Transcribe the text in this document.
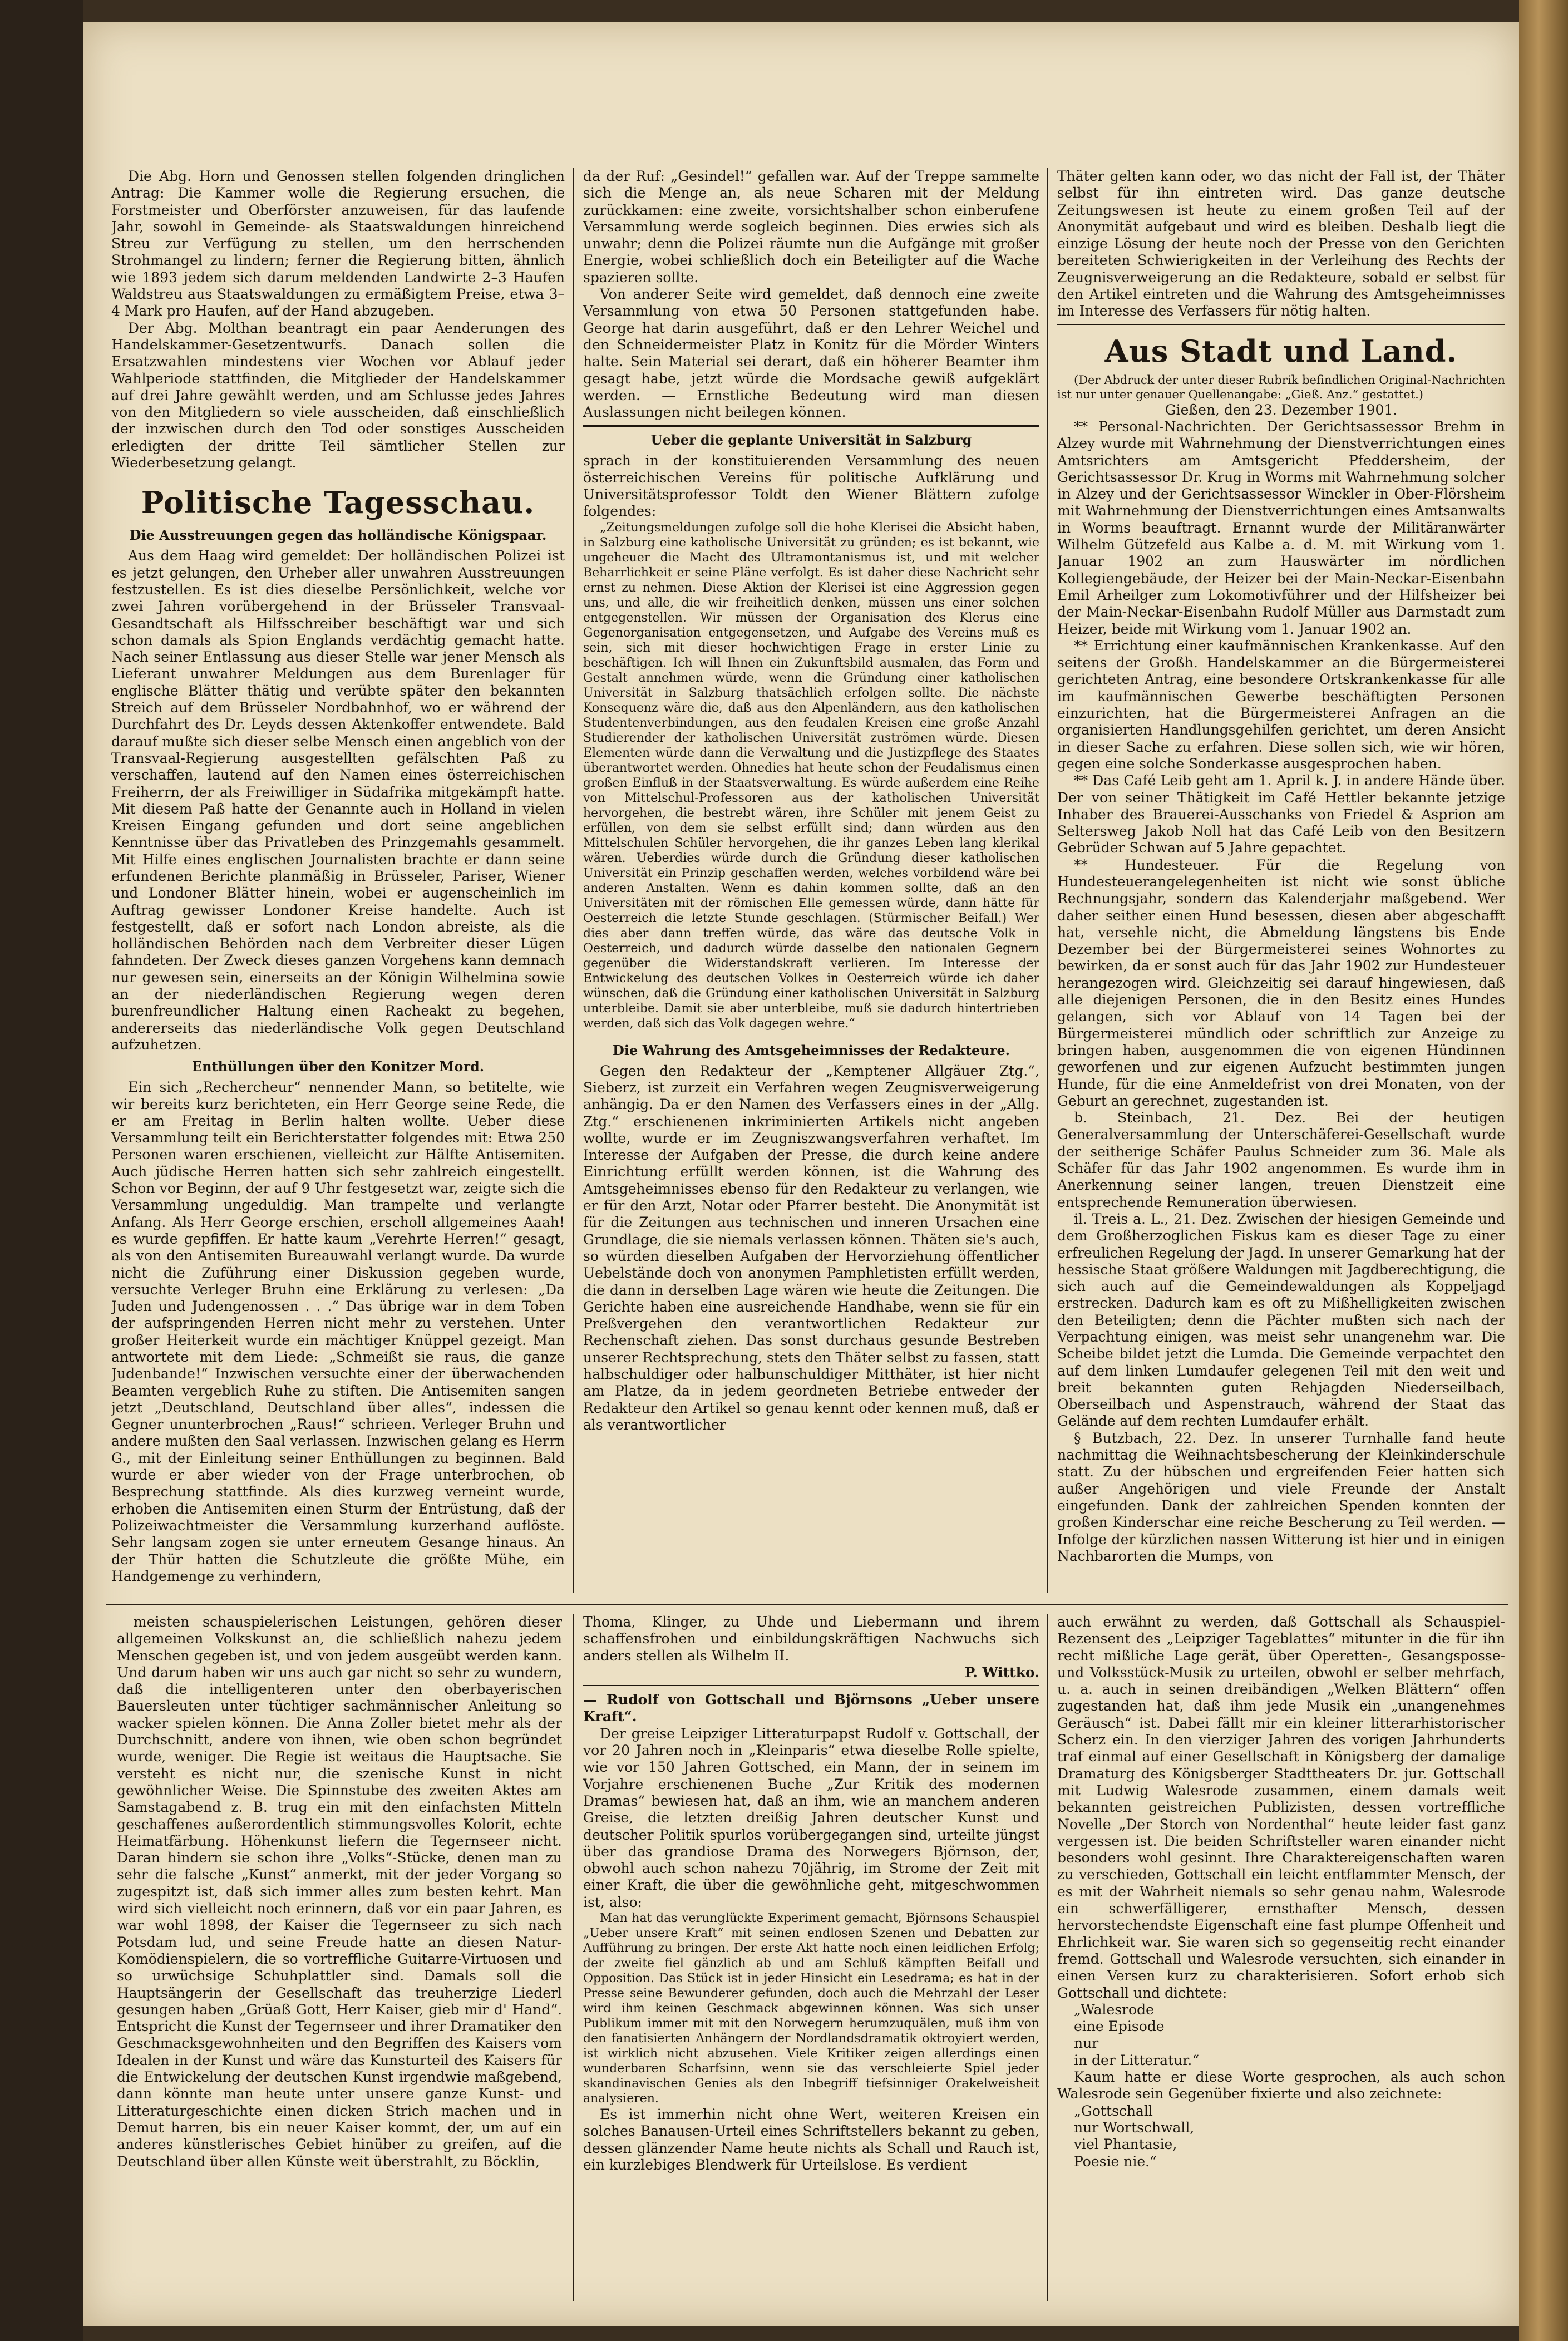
Die Abg. Horn und Genossen stellen folgenden dringlichen Antrag: Die Kammer wolle die Regierung ersuchen, die Forstmeister und Oberförster anzuweisen, für das laufende Jahr, sowohl in Gemeinde- als Staatswaldungen hinreichend Streu zur Verfügung zu stellen, um den herrschenden Strohmangel zu lindern; ferner die Regierung bitten, ähnlich wie 1893 jedem sich darum meldenden Landwirte 2–3 Haufen Waldstreu aus Staatswaldungen zu ermäßigtem Preise, etwa 3–4 Mark pro Haufen, auf der Hand abzugeben.

Der Abg. Molthan beantragt ein paar Aenderungen des Handelskammer-Gesetzentwurfs. Danach sollen die Ersatzwahlen mindestens vier Wochen vor Ablauf jeder Wahlperiode stattfinden, die Mitglieder der Handelskammer auf drei Jahre gewählt werden, und am Schlusse jedes Jahres von den Mitgliedern so viele ausscheiden, daß einschließlich der inzwischen durch den Tod oder sonstiges Ausscheiden erledigten der dritte Teil sämtlicher Stellen zur Wiederbesetzung gelangt.

Politische Tagesschau.
Die Ausstreuungen gegen das holländische Königspaar.

Aus dem Haag wird gemeldet: Der holländischen Polizei ist es jetzt gelungen, den Urheber aller unwahren Ausstreuungen festzustellen. Es ist dies dieselbe Persönlichkeit, welche vor zwei Jahren vorübergehend in der Brüsseler Transvaal-Gesandtschaft als Hilfsschreiber beschäftigt war und sich schon damals als Spion Englands verdächtig gemacht hatte. Nach seiner Entlassung aus dieser Stelle war jener Mensch als Lieferant unwahrer Meldungen aus dem Burenlager für englische Blätter thätig und verübte später den bekannten Streich auf dem Brüsseler Nordbahnhof, wo er während der Durchfahrt des Dr. Leyds dessen Aktenkoffer entwendete. Bald darauf mußte sich dieser selbe Mensch einen angeblich von der Transvaal-Regierung ausgestellten gefälschten Paß zu verschaffen, lautend auf den Namen eines österreichischen Freiherrn, der als Freiwilliger in Südafrika mitgekämpft hatte. Mit diesem Paß hatte der Genannte auch in Holland in vielen Kreisen Eingang gefunden und dort seine angeblichen Kenntnisse über das Privatleben des Prinzgemahls gesammelt. Mit Hilfe eines englischen Journalisten brachte er dann seine erfundenen Berichte planmäßig in Brüsseler, Pariser, Wiener und Londoner Blätter hinein, wobei er augenscheinlich im Auftrag gewisser Londoner Kreise handelte. Auch ist festgestellt, daß er sofort nach London abreiste, als die holländischen Behörden nach dem Verbreiter dieser Lügen fahndeten. Der Zweck dieses ganzen Vorgehens kann demnach nur gewesen sein, einerseits an der Königin Wilhelmina sowie an der niederländischen Regierung wegen deren burenfreundlicher Haltung einen Racheakt zu begehen, andererseits das niederländische Volk gegen Deutschland aufzuhetzen.

Enthüllungen über den Konitzer Mord.

Ein sich „Rechercheur“ nennender Mann, so betitelte, wie wir bereits kurz berichteten, ein Herr George seine Rede, die er am Freitag in Berlin halten wollte. Ueber diese Versammlung teilt ein Berichterstatter folgendes mit: Etwa 250 Personen waren erschienen, vielleicht zur Hälfte Antisemiten. Auch jüdische Herren hatten sich sehr zahlreich eingestellt. Schon vor Beginn, der auf 9 Uhr festgesetzt war, zeigte sich die Versammlung ungeduldig. Man trampelte und verlangte Anfang. Als Herr George erschien, erscholl allgemeines Aaah! es wurde gepfiffen. Er hatte kaum „Verehrte Herren!“ gesagt, als von den Antisemiten Bureauwahl verlangt wurde. Da wurde nicht die Zuführung einer Diskussion gegeben wurde, versuchte Verleger Bruhn eine Erklärung zu verlesen: „Da Juden und Judengenossen . . .“ Das übrige war in dem Toben der aufspringenden Herren nicht mehr zu verstehen. Unter großer Heiterkeit wurde ein mächtiger Knüppel gezeigt. Man antwortete mit dem Liede: „Schmeißt sie raus, die ganze Judenbande!“ Inzwischen versuchte einer der überwachenden Beamten vergeblich Ruhe zu stiften. Die Antisemiten sangen jetzt „Deutschland, Deutschland über alles“, indessen die Gegner ununterbrochen „Raus!“ schrieen. Verleger Bruhn und andere mußten den Saal verlassen. Inzwischen gelang es Herrn G., mit der Einleitung seiner Enthüllungen zu beginnen. Bald wurde er aber wieder von der Frage unterbrochen, ob Besprechung stattfinde. Als dies kurzweg verneint wurde, erhoben die Antisemiten einen Sturm der Entrüstung, daß der Polizeiwachtmeister die Versammlung kurzerhand auflöste. Sehr langsam zogen sie unter erneutem Gesange hinaus. An der Thür hatten die Schutzleute die größte Mühe, ein Handgemenge zu verhindern,

da der Ruf: „Gesindel!“ gefallen war. Auf der Treppe sammelte sich die Menge an, als neue Scharen mit der Meldung zurückkamen: eine zweite, vorsichtshalber schon einberufene Versammlung werde sogleich beginnen. Dies erwies sich als unwahr; denn die Polizei räumte nun die Aufgänge mit großer Energie, wobei schließlich doch ein Beteiligter auf die Wache spazieren sollte.

Von anderer Seite wird gemeldet, daß dennoch eine zweite Versammlung von etwa 50 Personen stattgefunden habe. George hat darin ausgeführt, daß er den Lehrer Weichel und den Schneidermeister Platz in Konitz für die Mörder Winters halte. Sein Material sei derart, daß ein höherer Beamter ihm gesagt habe, jetzt würde die Mordsache gewiß aufgeklärt werden. — Ernstliche Bedeutung wird man diesen Auslassungen nicht beilegen können.

Ueber die geplante Universität in Salzburg

sprach in der konstituierenden Versammlung des neuen österreichischen Vereins für politische Aufklärung und Universitätsprofessor Toldt den Wiener Blättern zufolge folgendes:

„Zeitungsmeldungen zufolge soll die hohe Klerisei die Absicht haben, in Salzburg eine katholische Universität zu gründen; es ist bekannt, wie ungeheuer die Macht des Ultramontanismus ist, und mit welcher Beharrlichkeit er seine Pläne verfolgt. Es ist daher diese Nachricht sehr ernst zu nehmen. Diese Aktion der Klerisei ist eine Aggression gegen uns, und alle, die wir freiheitlich denken, müssen uns einer solchen entgegenstellen. Wir müssen der Organisation des Klerus eine Gegenorganisation entgegensetzen, und Aufgabe des Vereins muß es sein, sich mit dieser hochwichtigen Frage in erster Linie zu beschäftigen. Ich will Ihnen ein Zukunftsbild ausmalen, das Form und Gestalt annehmen würde, wenn die Gründung einer katholischen Universität in Salzburg thatsächlich erfolgen sollte. Die nächste Konsequenz wäre die, daß aus den Alpenländern, aus den katholischen Studentenverbindungen, aus den feudalen Kreisen eine große Anzahl Studierender der katholischen Universität zuströmen würde. Diesen Elementen würde dann die Verwaltung und die Justizpflege des Staates überantwortet werden. Ohnedies hat heute schon der Feudalismus einen großen Einfluß in der Staatsverwaltung. Es würde außerdem eine Reihe von Mittelschul-Professoren aus der katholischen Universität hervorgehen, die bestrebt wären, ihre Schüler mit jenem Geist zu erfüllen, von dem sie selbst erfüllt sind; dann würden aus den Mittelschulen Schüler hervorgehen, die ihr ganzes Leben lang klerikal wären. Ueberdies würde durch die Gründung dieser katholischen Universität ein Prinzip geschaffen werden, welches vorbildend wäre bei anderen Anstalten. Wenn es dahin kommen sollte, daß an den Universitäten mit der römischen Elle gemessen würde, dann hätte für Oesterreich die letzte Stunde geschlagen. (Stürmischer Beifall.) Wer dies aber dann treffen würde, das wäre das deutsche Volk in Oesterreich, und dadurch würde dasselbe den nationalen Gegnern gegenüber die Widerstandskraft verlieren. Im Interesse der Entwickelung des deutschen Volkes in Oesterreich würde ich daher wünschen, daß die Gründung einer katholischen Universität in Salzburg unterbleibe. Damit sie aber unterbleibe, muß sie dadurch hintertrieben werden, daß sich das Volk dagegen wehre.“

Die Wahrung des Amtsgeheimnisses der Redakteure.

Gegen den Redakteur der „Kemptener Allgäuer Ztg.“, Sieberz, ist zurzeit ein Verfahren wegen Zeugnisverweigerung anhängig. Da er den Namen des Verfassers eines in der „Allg. Ztg.“ erschienenen inkriminierten Artikels nicht angeben wollte, wurde er im Zeugniszwangsverfahren verhaftet. Im Interesse der Aufgaben der Presse, die durch keine andere Einrichtung erfüllt werden können, ist die Wahrung des Amtsgeheimnisses ebenso für den Redakteur zu verlangen, wie er für den Arzt, Notar oder Pfarrer besteht. Die Anonymität ist für die Zeitungen aus technischen und inneren Ursachen eine Grundlage, die sie niemals verlassen können. Thäten sie's auch, so würden dieselben Aufgaben der Hervorziehung öffentlicher Uebelstände doch von anonymen Pamphletisten erfüllt werden, die dann in derselben Lage wären wie heute die Zeitungen. Die Gerichte haben eine ausreichende Handhabe, wenn sie für ein Preßvergehen den verantwortlichen Redakteur zur Rechenschaft ziehen. Das sonst durchaus gesunde Bestreben unserer Rechtsprechung, stets den Thäter selbst zu fassen, statt halbschuldiger oder halbunschuldiger Mitthäter, ist hier nicht am Platze, da in jedem geordneten Betriebe entweder der Redakteur den Artikel so genau kennt oder kennen muß, daß er als verantwortlicher

Thäter gelten kann oder, wo das nicht der Fall ist, der Thäter selbst für ihn eintreten wird. Das ganze deutsche Zeitungswesen ist heute zu einem großen Teil auf der Anonymität aufgebaut und wird es bleiben. Deshalb liegt die einzige Lösung der heute noch der Presse von den Gerichten bereiteten Schwierigkeiten in der Verleihung des Rechts der Zeugnisverweigerung an die Redakteure, sobald er selbst für den Artikel eintreten und die Wahrung des Amtsgeheimnisses im Interesse des Verfassers für nötig halten.

Aus Stadt und Land.

(Der Abdruck der unter dieser Rubrik befindlichen Original-Nachrichten ist nur unter genauer Quellenangabe: „Gieß. Anz.“ gestattet.)

Gießen, den 23. Dezember 1901.

** Personal-Nachrichten. Der Gerichtsassessor Brehm in Alzey wurde mit Wahrnehmung der Dienstverrichtungen eines Amtsrichters am Amtsgericht Pfeddersheim, der Gerichtsassessor Dr. Krug in Worms mit Wahrnehmung solcher in Alzey und der Gerichtsassessor Winckler in Ober-Flörsheim mit Wahrnehmung der Dienstverrichtungen eines Amtsanwalts in Worms beauftragt. Ernannt wurde der Militäranwärter Wilhelm Gützefeld aus Kalbe a. d. M. mit Wirkung vom 1. Januar 1902 an zum Hauswärter im nördlichen Kollegiengebäude, der Heizer bei der Main-Neckar-Eisenbahn Emil Arheilger zum Lokomotivführer und der Hilfsheizer bei der Main-Neckar-Eisenbahn Rudolf Müller aus Darmstadt zum Heizer, beide mit Wirkung vom 1. Januar 1902 an.

** Errichtung einer kaufmännischen Krankenkasse. Auf den seitens der Großh. Handelskammer an die Bürgermeisterei gerichteten Antrag, eine besondere Ortskrankenkasse für alle im kaufmännischen Gewerbe beschäftigten Personen einzurichten, hat die Bürgermeisterei Anfragen an die organisierten Handlungsgehilfen gerichtet, um deren Ansicht in dieser Sache zu erfahren. Diese sollen sich, wie wir hören, gegen eine solche Sonderkasse ausgesprochen haben.

** Das Café Leib geht am 1. April k. J. in andere Hände über. Der von seiner Thätigkeit im Café Hettler bekannte jetzige Inhaber des Brauerei-Ausschanks von Friedel & Asprion am Seltersweg Jakob Noll hat das Café Leib von den Besitzern Gebrüder Schwan auf 5 Jahre gepachtet.

** Hundesteuer. Für die Regelung von Hundesteuerangelegenheiten ist nicht wie sonst übliche Rechnungsjahr, sondern das Kalenderjahr maßgebend. Wer daher seither einen Hund besessen, diesen aber abgeschafft hat, versehle nicht, die Abmeldung längstens bis Ende Dezember bei der Bürgermeisterei seines Wohnortes zu bewirken, da er sonst auch für das Jahr 1902 zur Hundesteuer herangezogen wird. Gleichzeitig sei darauf hingewiesen, daß alle diejenigen Personen, die in den Besitz eines Hundes gelangen, sich vor Ablauf von 14 Tagen bei der Bürgermeisterei mündlich oder schriftlich zur Anzeige zu bringen haben, ausgenommen die von eigenen Hündinnen geworfenen und zur eigenen Aufzucht bestimmten jungen Hunde, für die eine Anmeldefrist von drei Monaten, von der Geburt an gerechnet, zugestanden ist.

b. Steinbach, 21. Dez. Bei der heutigen Generalversammlung der Unterschäferei-Gesellschaft wurde der seitherige Schäfer Paulus Schneider zum 36. Male als Schäfer für das Jahr 1902 angenommen. Es wurde ihm in Anerkennung seiner langen, treuen Dienstzeit eine entsprechende Remuneration überwiesen.

il. Treis a. L., 21. Dez. Zwischen der hiesigen Gemeinde und dem Großherzoglichen Fiskus kam es dieser Tage zu einer erfreulichen Regelung der Jagd. In unserer Gemarkung hat der hessische Staat größere Waldungen mit Jagdberechtigung, die sich auch auf die Gemeindewaldungen als Koppeljagd erstrecken. Dadurch kam es oft zu Mißhelligkeiten zwischen den Beteiligten; denn die Pächter mußten sich nach der Verpachtung einigen, was meist sehr unangenehm war. Die Scheibe bildet jetzt die Lumda. Die Gemeinde verpachtet den auf dem linken Lumdaufer gelegenen Teil mit den weit und breit bekannten guten Rehjagden Niederseilbach, Oberseilbach und Aspenstrauch, während der Staat das Gelände auf dem rechten Lumdaufer erhält.

§ Butzbach, 22. Dez. In unserer Turnhalle fand heute nachmittag die Weihnachtsbescherung der Kleinkinderschule statt. Zu der hübschen und ergreifenden Feier hatten sich außer Angehörigen und viele Freunde der Anstalt eingefunden. Dank der zahlreichen Spenden konnten der großen Kinderschar eine reiche Bescherung zu Teil werden. — Infolge der kürzlichen nassen Witterung ist hier und in einigen Nachbarorten die Mumps, von

meisten schauspielerischen Leistungen, gehören dieser allgemeinen Volkskunst an, die schließlich nahezu jedem Menschen gegeben ist, und von jedem ausgeübt werden kann. Und darum haben wir uns auch gar nicht so sehr zu wundern, daß die intelligenteren unter den oberbayerischen Bauersleuten unter tüchtiger sachmännischer Anleitung so wacker spielen können. Die Anna Zoller bietet mehr als der Durchschnitt, andere von ihnen, wie oben schon begründet wurde, weniger. Die Regie ist weitaus die Hauptsache. Sie versteht es nicht nur, die szenische Kunst in nicht gewöhnlicher Weise. Die Spinnstube des zweiten Aktes am Samstagabend z. B. trug ein mit den einfachsten Mitteln geschaffenes außerordentlich stimmungsvolles Kolorit, echte Heimatfärbung. Höhenkunst liefern die Tegernseer nicht. Daran hindern sie schon ihre „Volks“-Stücke, denen man zu sehr die falsche „Kunst“ anmerkt, mit der jeder Vorgang so zugespitzt ist, daß sich immer alles zum besten kehrt. Man wird sich vielleicht noch erinnern, daß vor ein paar Jahren, es war wohl 1898, der Kaiser die Tegernseer zu sich nach Potsdam lud, und seine Freude hatte an diesen Natur-Komödienspielern, die so vortreffliche Guitarre-Virtuosen und so urwüchsige Schuhplattler sind. Damals soll die Hauptsängerin der Gesellschaft das treuherzige Liederl gesungen haben „Grüaß Gott, Herr Kaiser, gieb mir d' Hand“. Entspricht die Kunst der Tegernseer und ihrer Dramatiker den Geschmacksgewohnheiten und den Begriffen des Kaisers vom Idealen in der Kunst und wäre das Kunsturteil des Kaisers für die Entwickelung der deutschen Kunst irgendwie maßgebend, dann könnte man heute unter unsere ganze Kunst- und Litteraturgeschichte einen dicken Strich machen und in Demut harren, bis ein neuer Kaiser kommt, der, um auf ein anderes künstlerisches Gebiet hinüber zu greifen, auf die Deutschland über allen Künste weit überstrahlt, zu Böcklin,

Thoma, Klinger, zu Uhde und Liebermann und ihrem schaffensfrohen und einbildungskräftigen Nachwuchs sich anders stellen als Wilhelm II.

P. Wittko.

— Rudolf von Gottschall und Björnsons „Ueber unsere Kraft“.

Der greise Leipziger Litteraturpapst Rudolf v. Gottschall, der vor 20 Jahren noch in „Kleinparis“ etwa dieselbe Rolle spielte, wie vor 150 Jahren Gottsched, ein Mann, der in seinem im Vorjahre erschienenen Buche „Zur Kritik des modernen Dramas“ bewiesen hat, daß an ihm, wie an manchem anderen Greise, die letzten dreißig Jahren deutscher Kunst und deutscher Politik spurlos vorübergegangen sind, urteilte jüngst über das grandiose Drama des Norwegers Björnson, der, obwohl auch schon nahezu 70jährig, im Strome der Zeit mit einer Kraft, die über die gewöhnliche geht, mitgeschwommen ist, also:

Man hat das verunglückte Experiment gemacht, Björnsons Schauspiel „Ueber unsere Kraft“ mit seinen endlosen Szenen und Debatten zur Aufführung zu bringen. Der erste Akt hatte noch einen leidlichen Erfolg; der zweite fiel gänzlich ab und am Schluß kämpften Beifall und Opposition. Das Stück ist in jeder Hinsicht ein Lesedrama; es hat in der Presse seine Bewunderer gefunden, doch auch die Mehrzahl der Leser wird ihm keinen Geschmack abgewinnen können. Was sich unser Publikum immer mit mit den Norwegern herumzuquälen, muß ihm von den fanatisierten Anhängern der Nordlandsdramatik oktroyiert werden, ist wirklich nicht abzusehen. Viele Kritiker zeigen allerdings einen wunderbaren Scharfsinn, wenn sie das verschleierte Spiel jeder skandinavischen Genies als den Inbegriff tiefsinniger Orakelweisheit analysieren.

Es ist immerhin nicht ohne Wert, weiteren Kreisen ein solches Banausen-Urteil eines Schriftstellers bekannt zu geben, dessen glänzender Name heute nichts als Schall und Rauch ist, ein kurzlebiges Blendwerk für Urteilslose. Es verdient

auch erwähnt zu werden, daß Gottschall als Schauspiel-Rezensent des „Leipziger Tageblattes“ mitunter in die für ihn recht mißliche Lage gerät, über Operetten-, Gesangsposse- und Volksstück-Musik zu urteilen, obwohl er selber mehrfach, u. a. auch in seinen dreibändigen „Welken Blättern“ offen zugestanden hat, daß ihm jede Musik ein „unangenehmes Geräusch“ ist. Dabei fällt mir ein kleiner litterarhistorischer Scherz ein. In den vierziger Jahren des vorigen Jahrhunderts traf einmal auf einer Gesellschaft in Königsberg der damalige Dramaturg des Königsberger Stadttheaters Dr. jur. Gottschall mit Ludwig Walesrode zusammen, einem damals weit bekannten geistreichen Publizisten, dessen vortreffliche Novelle „Der Storch von Nordenthal“ heute leider fast ganz vergessen ist. Die beiden Schriftsteller waren einander nicht besonders wohl gesinnt. Ihre Charaktereigenschaften waren zu verschieden, Gottschall ein leicht entflammter Mensch, der es mit der Wahrheit niemals so sehr genau nahm, Walesrode ein schwerfälligerer, ernsthafter Mensch, dessen hervorstechendste Eigenschaft eine fast plumpe Offenheit und Ehrlichkeit war. Sie waren sich so gegenseitig recht einander fremd. Gottschall und Walesrode versuchten, sich einander in einen Versen kurz zu charakterisieren. Sofort erhob sich Gottschall und dichtete:

„Walesrode

eine Episode

nur

in der Litteratur.“

Kaum hatte er diese Worte gesprochen, als auch schon Walesrode sein Gegenüber fixierte und also zeichnete:

„Gottschall

nur Wortschwall,

viel Phantasie,

Poesie nie.“
